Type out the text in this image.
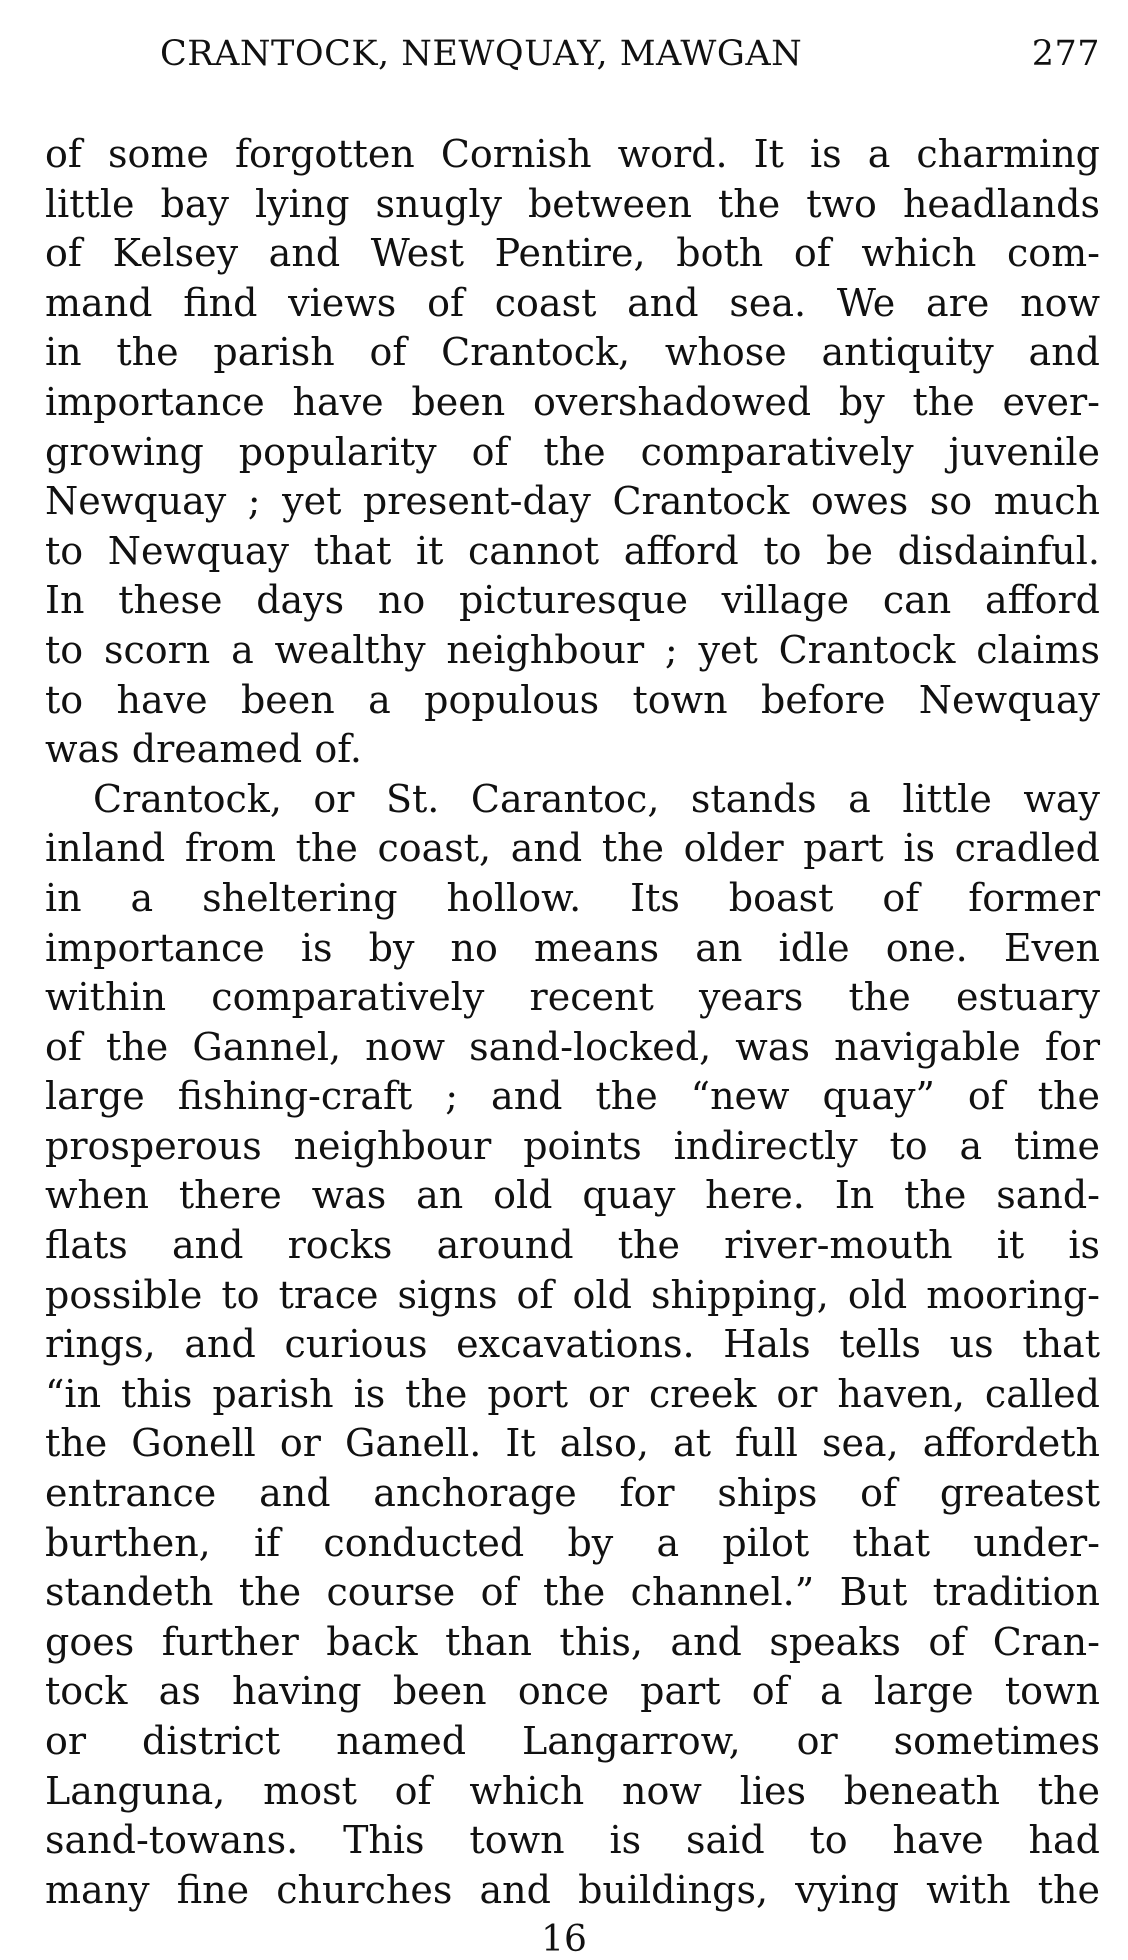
CRANTOCK, NEWQUAY, MAWGAN	277
of some forgotten Cornish word. It is a charming
little bay lying snugly between the two headlands
of Kelsey and West Pentire, both of which com-
mand find views of coast and sea. We are now
in the parish of Crantock, whose antiquity and
importance have been overshadowed by the ever-
growing popularity of the comparatively juvenile
Newquay ; yet present-day Crantock owes so much
to Newquay that it cannot afford to be disdainful.
In these days no picturesque village can afford
to scorn a wealthy neighbour ; yet Crantock claims
to have been a populous town before Newquay
was dreamed of.
Crantock, or St. Carantoc, stands a little way
inland from the coast, and the older part is cradled
in a sheltering hollow. Its boast of former
importance is by no means an idle one. Even
within comparatively recent years the estuary
of the Gannel, now sand-locked, was navigable for
large fishing-craft ; and the “new quay” of the
prosperous neighbour points indirectly to a time
when there was an old quay here. In the sand-
flats and rocks around the river-mouth it is
possible to trace signs of old shipping, old mooring-
rings, and curious excavations. Hals tells us that
“in this parish is the port or creek or haven, called
the Gonell or Ganell. It also, at full sea, affordeth
entrance and anchorage for ships of greatest
burthen, if conducted by a pilot that under-
standeth the course of the channel.” But tradition
goes further back than this, and speaks of Cran-
tock as having been once part of a large town
or district named Langarrow, or sometimes
Languna, most of which now lies beneath the
sand-towans. This town is said to have had
many fine churches and buildings, vying with the
16
